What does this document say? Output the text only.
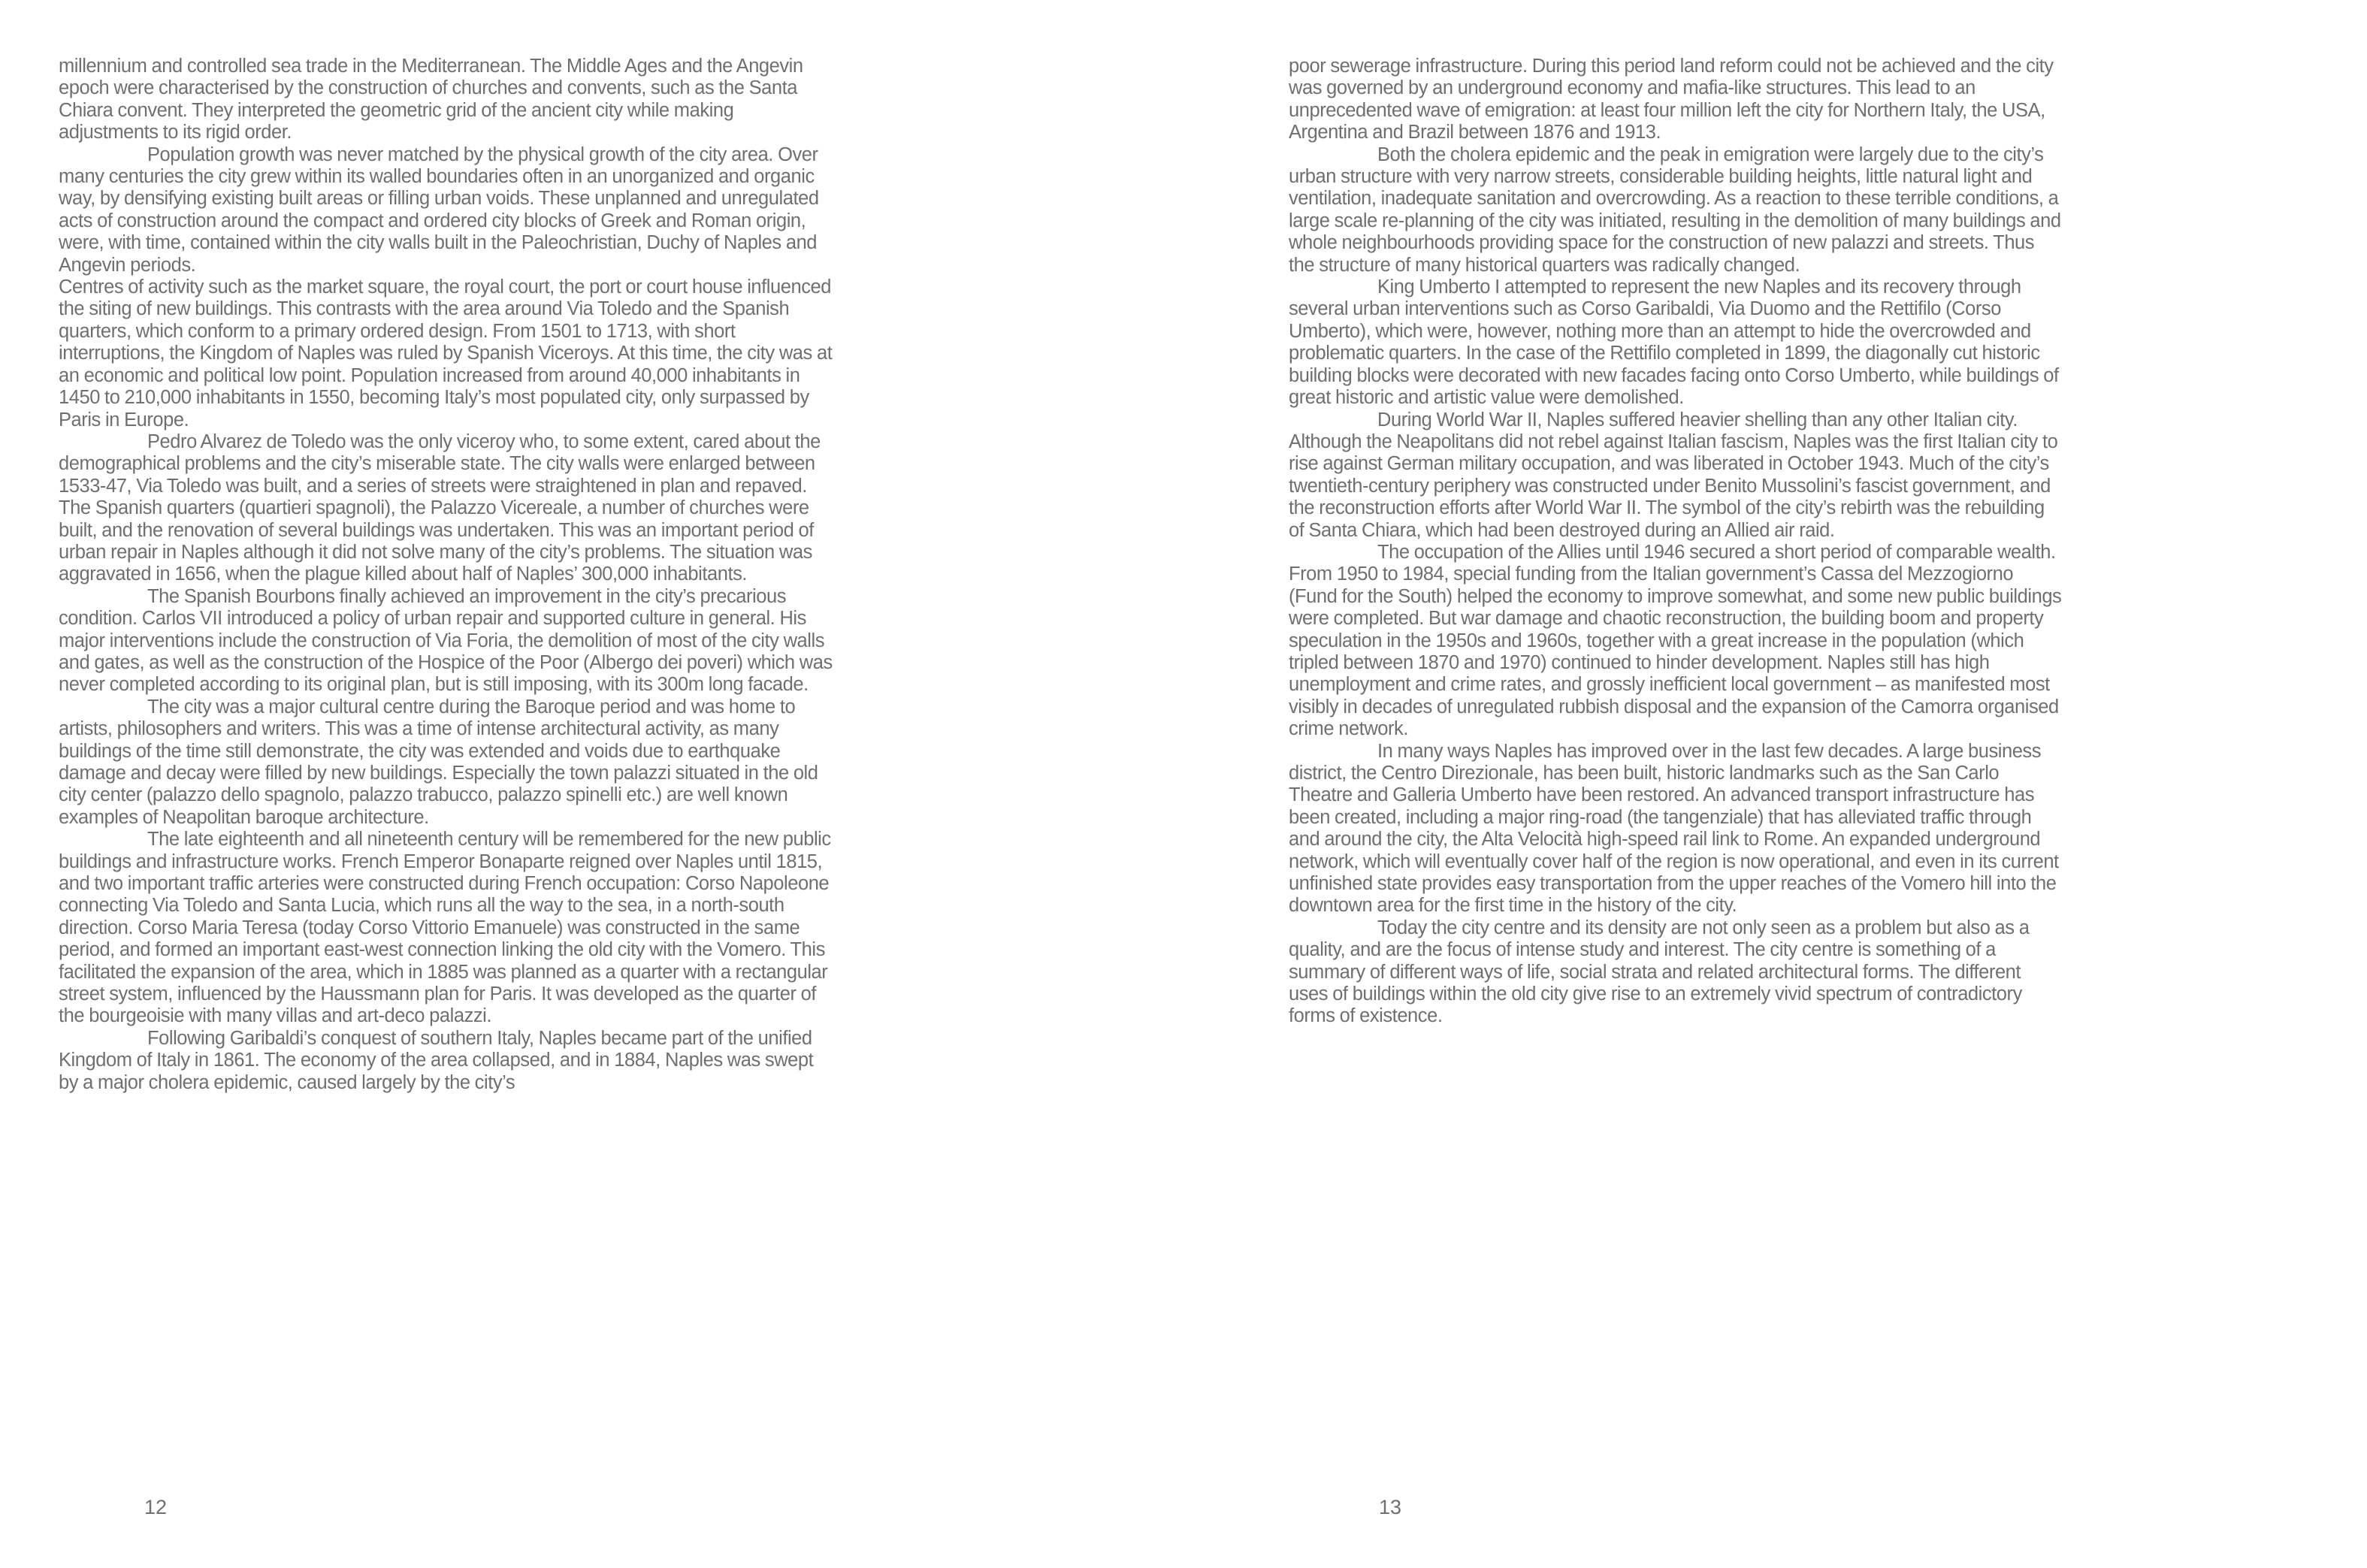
millennium and controlled sea trade in the Mediterranean. The Middle Ages and the Angevin epoch were characterised by the construction of churches and convents, such as the Santa Chiara convent. They interpreted the geometric grid of the ancient city while making adjustments to its rigid order.

Population growth was never matched by the physical growth of the city area. Over many centuries the city grew within its walled boundaries often in an unorganized and organic way, by densifying existing built areas or filling urban voids. These unplanned and unregulated acts of construction around the compact and ordered city blocks of Greek and Roman origin, were, with time, contained within the city walls built in the Paleochristian, Duchy of Naples and Angevin periods.

Centres of activity such as the market square, the royal court, the port or court house influenced the siting of new buildings. This contrasts with the area around Via Toledo and the Spanish quarters, which conform to a primary ordered design. From 1501 to 1713, with short interruptions, the Kingdom of Naples was ruled by Spanish Viceroys. At this time, the city was at an economic and political low point. Population increased from around 40,000 inhabitants in 1450 to 210,000 inhabitants in 1550, becoming Italy’s most populated city, only surpassed by Paris in Europe.

Pedro Alvarez de Toledo was the only viceroy who, to some extent, cared about the demographical problems and the city’s miserable state. The city walls were enlarged between 1533-47, Via Toledo was built, and a series of streets were straightened in plan and repaved. The Spanish quarters (quartieri spagnoli), the Palazzo Vicereale, a number of churches were built, and the renovation of several buildings was undertaken. This was an important period of urban repair in Naples although it did not solve many of the city’s problems. The situation was aggravated in 1656, when the plague killed about half of Naples’ 300,000 inhabitants.

The Spanish Bourbons finally achieved an improvement in the city’s precarious condition. Carlos VII introduced a policy of urban repair and supported culture in general. His major interventions include the construction of Via Foria, the demolition of most of the city walls and gates, as well as the construction of the Hospice of the Poor (Albergo dei poveri) which was never completed according to its original plan, but is still imposing, with its 300m long facade.

The city was a major cultural centre during the Baroque period and was home to artists, philosophers and writers. This was a time of intense architectural activity, as many buildings of the time still demonstrate, the city was extended and voids due to earthquake damage and decay were filled by new buildings. Especially the town palazzi situated in the old city center (palazzo dello spagnolo, palazzo trabucco, palazzo spinelli etc.) are well known examples of Neapolitan baroque architecture.

The late eighteenth and all nineteenth century will be remembered for the new public buildings and infrastructure works. French Emperor Bonaparte reigned over Naples until 1815, and two important traffic arteries were constructed during French occupation: Corso Napoleone connecting Via Toledo and Santa Lucia, which runs all the way to the sea, in a north-south direction. Corso Maria Teresa (today Corso Vittorio Emanuele) was constructed in the same period, and formed an important east-west connection linking the old city with the Vomero. This facilitated the expansion of the area, which in 1885 was planned as a quarter with a rectangular street system, influenced by the Haussmann plan for Paris. It was developed as the quarter of the bourgeoisie with many villas and art-deco palazzi.

Following Garibaldi’s conquest of southern Italy, Naples became part of the unified Kingdom of Italy in 1861. The economy of the area collapsed, and in 1884, Naples was swept by a major cholera epidemic, caused largely by the city’s

12

poor sewerage infrastructure. During this period land reform could not be achieved and the city was governed by an underground economy and mafia-like structures. This lead to an unprecedented wave of emigration: at least four million left the city for Northern Italy, the USA, Argentina and Brazil between 1876 and 1913.

Both the cholera epidemic and the peak in emigration were largely due to the city’s urban structure with very narrow streets, considerable building heights, little natural light and ventilation, inadequate sanitation and overcrowding. As a reaction to these terrible conditions, a large scale re-planning of the city was initiated, resulting in the demolition of many buildings and whole neighbourhoods providing space for the construction of new palazzi and streets. Thus the structure of many historical quarters was radically changed.

King Umberto I attempted to represent the new Naples and its recovery through several urban interventions such as Corso Garibaldi, Via Duomo and the Rettifilo (Corso Umberto), which were, however, nothing more than an attempt to hide the overcrowded and problematic quarters. In the case of the Rettifilo completed in 1899, the diagonally cut historic building blocks were decorated with new facades facing onto Corso Umberto, while buildings of great historic and artistic value were demolished.

During World War II, Naples suffered heavier shelling than any other Italian city. Although the Neapolitans did not rebel against Italian fascism, Naples was the first Italian city to rise against German military occupation, and was liberated in October 1943. Much of the city’s twentieth-century periphery was constructed under Benito Mussolini’s fascist government, and the reconstruction efforts after World War II. The symbol of the city’s rebirth was the rebuilding of Santa Chiara, which had been destroyed during an Allied air raid.

The occupation of the Allies until 1946 secured a short period of comparable wealth.

From 1950 to 1984, special funding from the Italian government’s Cassa del Mezzogiorno (Fund for the South) helped the economy to improve somewhat, and some new public buildings were completed. But war damage and chaotic reconstruction, the building boom and property speculation in the 1950s and 1960s, together with a great increase in the population (which tripled between 1870 and 1970) continued to hinder development. Naples still has high unemployment and crime rates, and grossly inefficient local government – as manifested most visibly in decades of unregulated rubbish disposal and the expansion of the Camorra organised crime network.

In many ways Naples has improved over in the last few decades. A large business district, the Centro Direzionale, has been built, historic landmarks such as the San Carlo Theatre and Galleria Umberto have been restored. An advanced transport infrastructure has been created, including a major ring-road (the tangenziale) that has alleviated traffic through and around the city, the Alta Velocità high-speed rail link to Rome. An expanded underground network, which will eventually cover half of the region is now operational, and even in its current unfinished state provides easy transportation from the upper reaches of the Vomero hill into the downtown area for the first time in the history of the city.

Today the city centre and its density are not only seen as a problem but also as a quality, and are the focus of intense study and interest. The city centre is something of a summary of different ways of life, social strata and related architectural forms. The different uses of buildings within the old city give rise to an extremely vivid spectrum of contradictory forms of existence.

13
